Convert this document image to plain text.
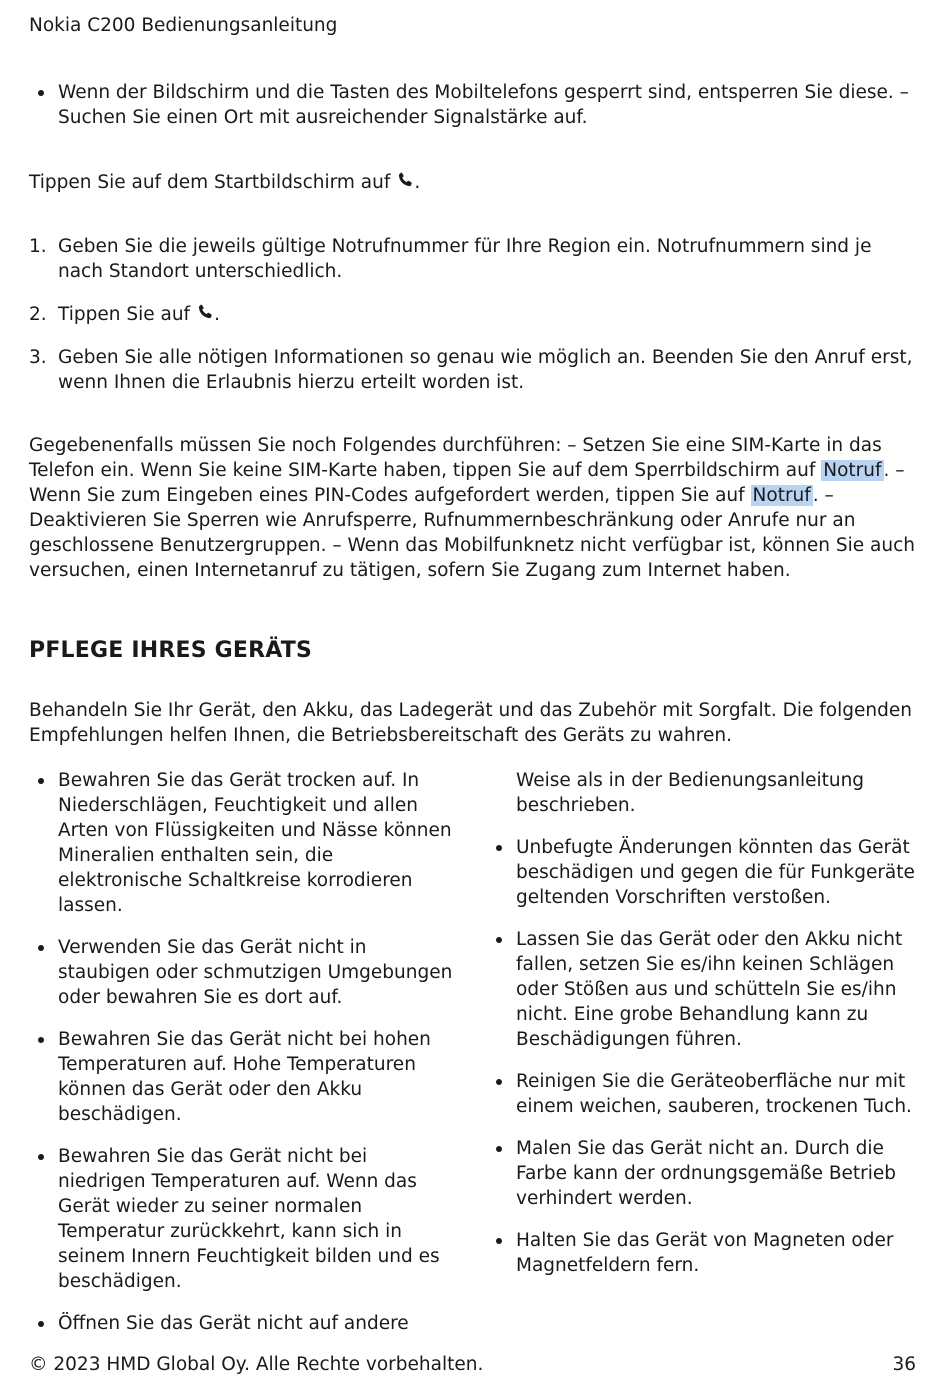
Nokia C200 Bedienungsanleitung
Wenn der Bildschirm und die Tasten des Mobiltelefons gesperrt sind, entsperren Sie diese. – Suchen Sie einen Ort mit ausreichender Signalstärke auf.

Tippen Sie auf dem Startbildschirm auf .

1. Geben Sie die jeweils gültige Notrufnummer für Ihre Region ein. Notrufnummern sind je nach Standort unterschiedlich.
2. Tippen Sie auf .
3. Geben Sie alle nötigen Informationen so genau wie möglich an. Beenden Sie den Anruf erst, wenn Ihnen die Erlaubnis hierzu erteilt worden ist.

Gegebenenfalls müssen Sie noch Folgendes durchführen: – Setzen Sie eine SIM-Karte in das Telefon ein. Wenn Sie keine SIM-Karte haben, tippen Sie auf dem Sperrbildschirm auf Notruf . – Wenn Sie zum Eingeben eines PIN-Codes aufgefordert werden, tippen Sie auf Notruf . – Deaktivieren Sie Sperren wie Anrufsperre, Rufnummernbeschränkung oder Anrufe nur an geschlossene Benutzergruppen. – Wenn das Mobilfunknetz nicht verfügbar ist, können Sie auch versuchen, einen Internetanruf zu tätigen, sofern Sie Zugang zum Internet haben.

PFLEGE IHRES GERÄTS

Behandeln Sie Ihr Gerät, den Akku, das Ladegerät und das Zubehör mit Sorgfalt. Die folgenden Empfehlungen helfen Ihnen, die Betriebsbereitschaft des Geräts zu wahren.

Bewahren Sie das Gerät trocken auf. In Niederschlägen, Feuchtigkeit und allen Arten von Flüssigkeiten und Nässe können Mineralien enthalten sein, die elektronische Schaltkreise korrodieren lassen.
Verwenden Sie das Gerät nicht in staubigen oder schmutzigen Umgebungen oder bewahren Sie es dort auf.
Bewahren Sie das Gerät nicht bei hohen Temperaturen auf. Hohe Temperaturen können das Gerät oder den Akku beschädigen.
Bewahren Sie das Gerät nicht bei niedrigen Temperaturen auf. Wenn das Gerät wieder zu seiner normalen Temperatur zurückkehrt, kann sich in seinem Innern Feuchtigkeit bilden und es beschädigen.
Öffnen Sie das Gerät nicht auf andere

Weise als in der Bedienungsanleitung beschrieben.

Unbefugte Änderungen könnten das Gerät beschädigen und gegen die für Funkgeräte geltenden Vorschriften verstoßen.
Lassen Sie das Gerät oder den Akku nicht fallen, setzen Sie es/ihn keinen Schlägen oder Stößen aus und schütteln Sie es/ihn nicht. Eine grobe Behandlung kann zu Beschädigungen führen.
Reinigen Sie die Geräteoberfläche nur mit einem weichen, sauberen, trockenen Tuch.
Malen Sie das Gerät nicht an. Durch die Farbe kann der ordnungsgemäße Betrieb verhindert werden.
Halten Sie das Gerät von Magneten oder Magnetfeldern fern.
© 2023 HMD Global Oy. Alle Rechte vorbehalten.	36
